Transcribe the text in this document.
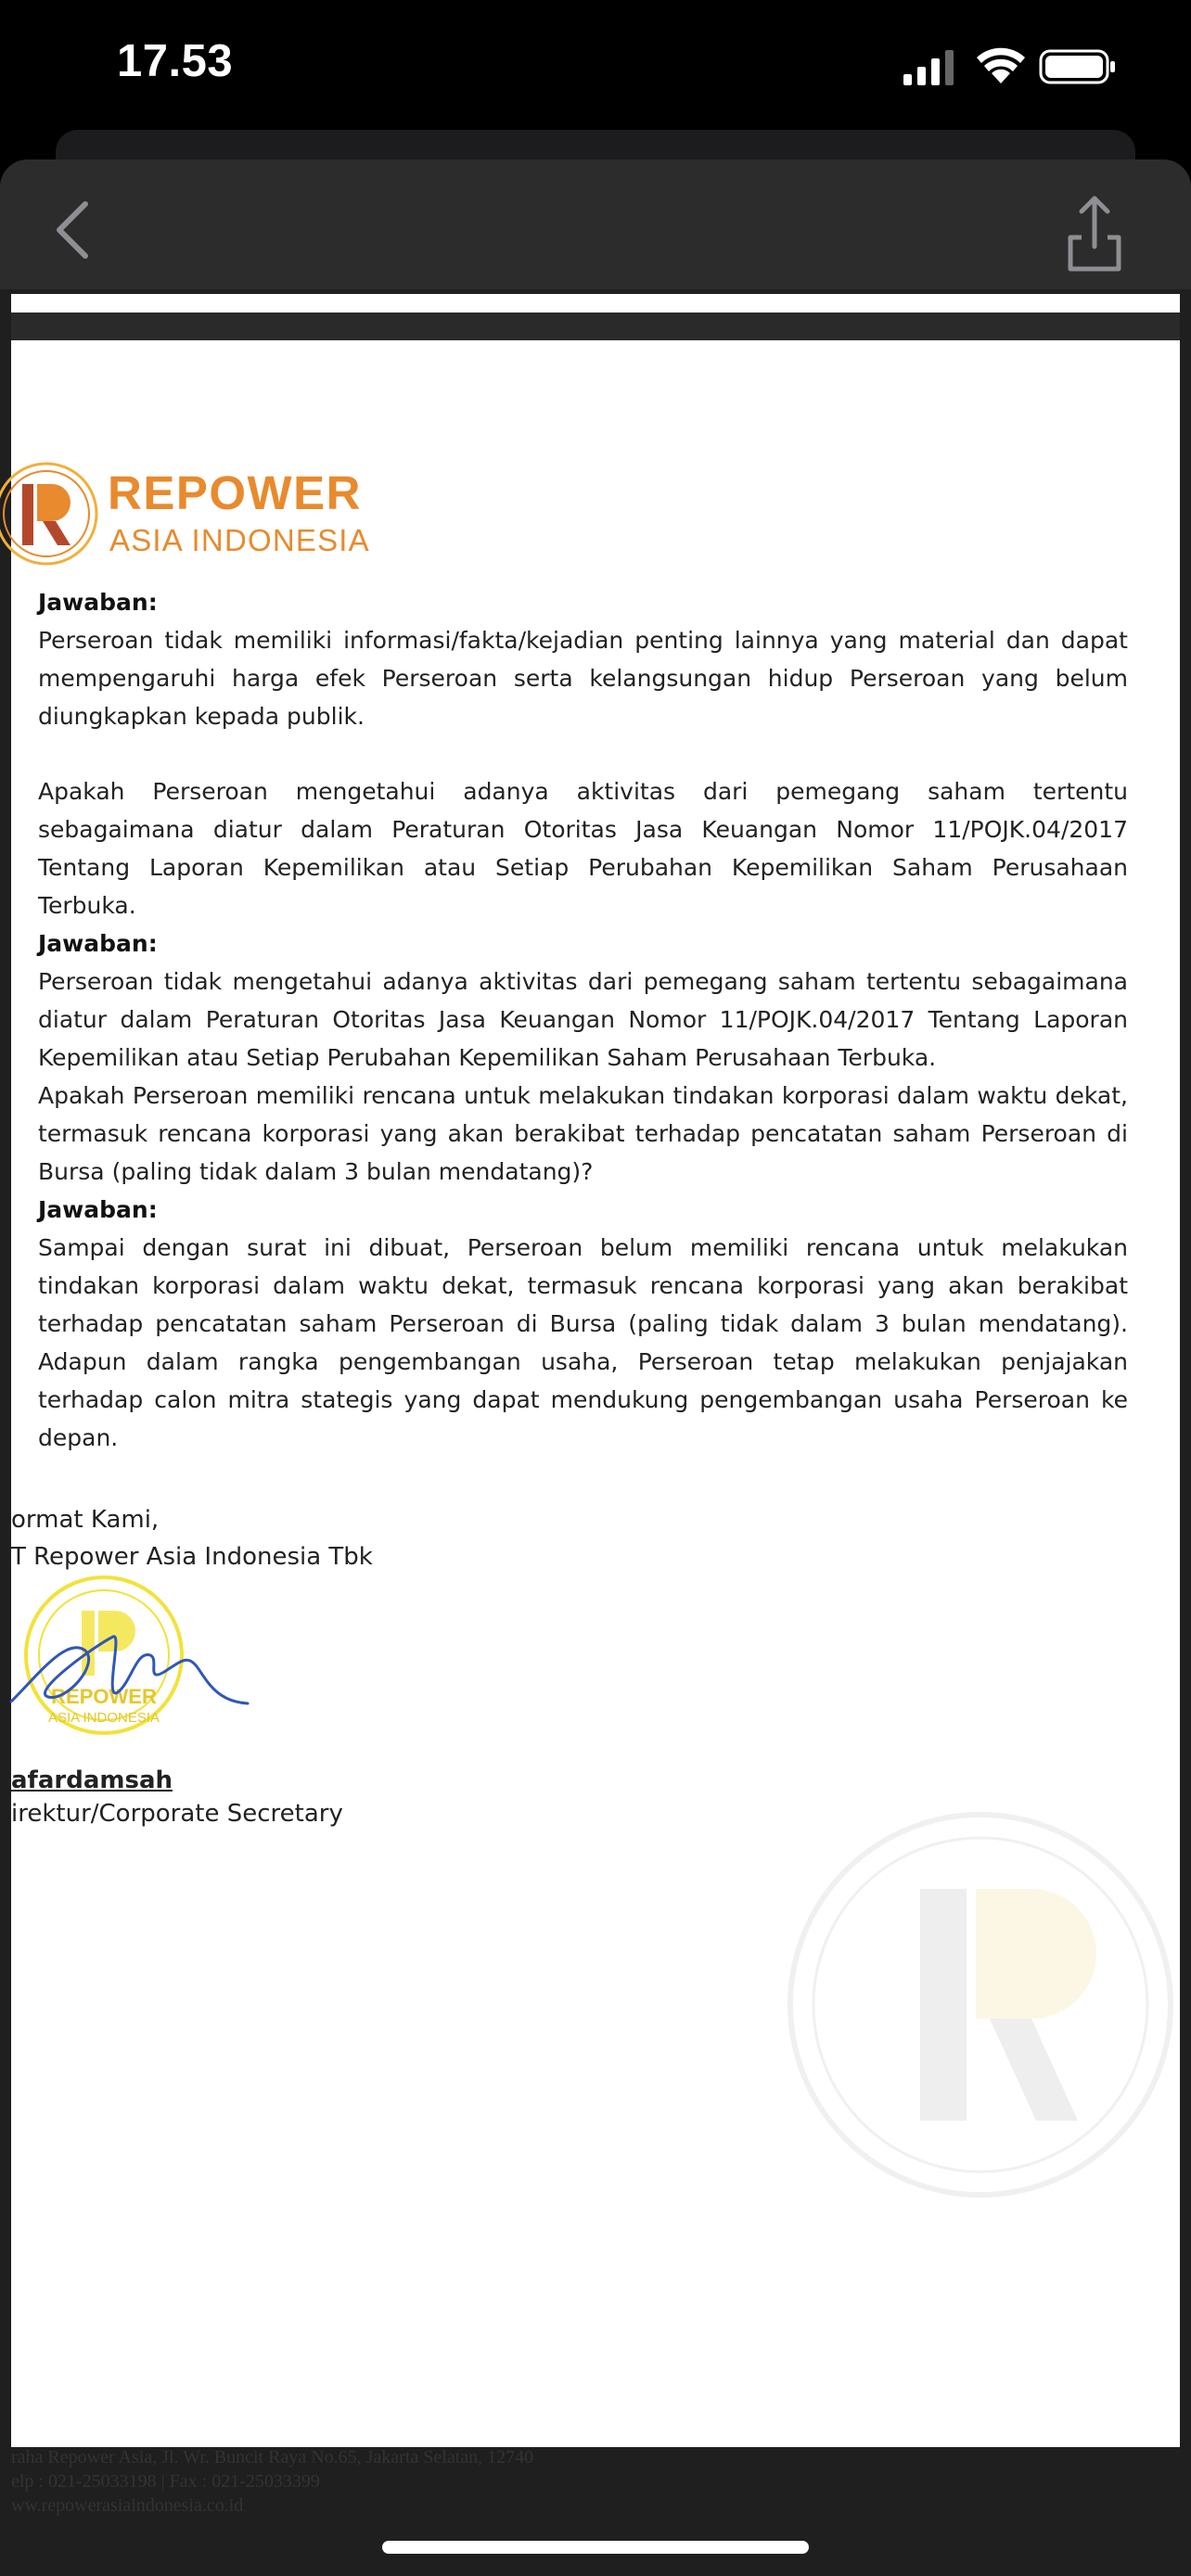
17.53
REPOWER
ASIA INDONESIA
Jawaban:
Perseroan tidak memiliki informasi/fakta/kejadian penting lainnya yang material dan dapat mempengaruhi harga efek Perseroan serta kelangsungan hidup Perseroan yang belum diungkapkan kepada publik.
Apakah Perseroan mengetahui adanya aktivitas dari pemegang saham tertentu sebagaimana diatur dalam Peraturan Otoritas Jasa Keuangan Nomor 11/POJK.04/2017 Tentang Laporan Kepemilikan atau Setiap Perubahan Kepemilikan Saham Perusahaan Terbuka.
Jawaban:
Perseroan tidak mengetahui adanya aktivitas dari pemegang saham tertentu sebagaimana diatur dalam Peraturan Otoritas Jasa Keuangan Nomor 11/POJK.04/2017 Tentang Laporan Kepemilikan atau Setiap Perubahan Kepemilikan Saham Perusahaan Terbuka.
Apakah Perseroan memiliki rencana untuk melakukan tindakan korporasi dalam waktu dekat, termasuk rencana korporasi yang akan berakibat terhadap pencatatan saham Perseroan di Bursa (paling tidak dalam 3 bulan mendatang)?
Jawaban:
Sampai dengan surat ini dibuat, Perseroan belum memiliki rencana untuk melakukan tindakan korporasi dalam waktu dekat, termasuk rencana korporasi yang akan berakibat terhadap pencatatan saham Perseroan di Bursa (paling tidak dalam 3 bulan mendatang). Adapun dalam rangka pengembangan usaha, Perseroan tetap melakukan penjajakan terhadap calon mitra stategis yang dapat mendukung pengembangan usaha Perseroan ke depan.
ormat Kami,
T Repower Asia Indonesia Tbk
REPOWER
ASIA INDONESIA
afardamsah
irektur/Corporate Secretary
raha Repower Asia, Jl. Wr. Buncit Raya No.65, Jakarta Selatan, 12740
elp : 021-25033198 | Fax : 021-25033399
ww.repowerasiaindonesia.co.id
